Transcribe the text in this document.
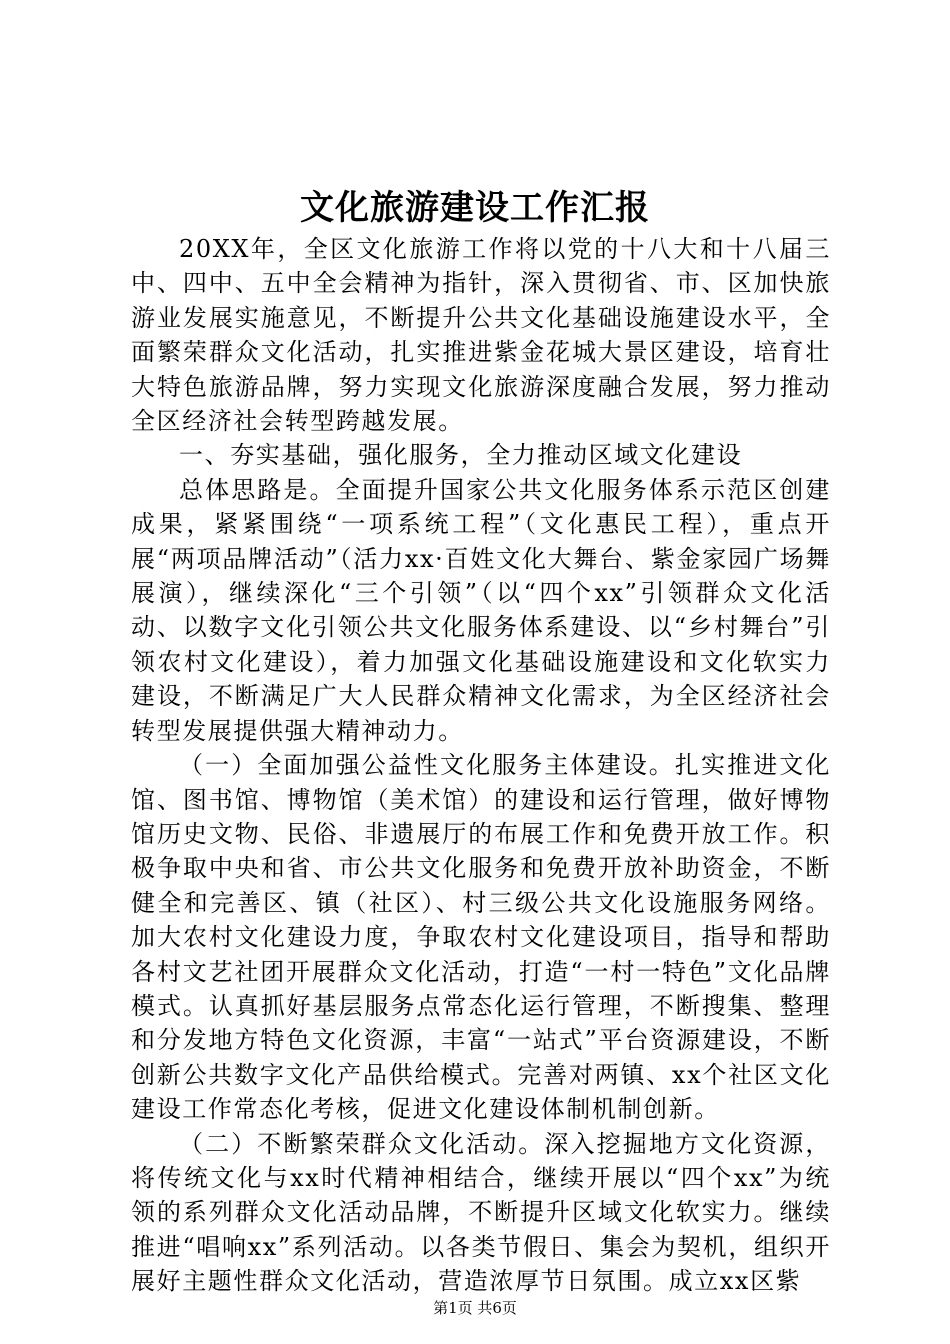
文化旅游建设工作汇报

20XX年，全区文化旅游工作将以党的十八大和十八届三中、四中、五中全会精神为指针，深入贯彻省、市、区加快旅游业发展实施意见，不断提升公共文化基础设施建设水平，全面繁荣群众文化活动，扎实推进紫金花城大景区建设，培育壮大特色旅游品牌，努力实现文化旅游深度融合发展，努力推动全区经济社会转型跨越发展。

一、夯实基础，强化服务，全力推动区域文化建设

总体思路是。全面提升国家公共文化服务体系示范区创建成果，紧紧围绕“一项系统工程”（文化惠民工程），重点开展“两项品牌活动”（活力xx·百姓文化大舞台、紫金家园广场舞展演），继续深化“三个引领”（以“四个xx”引领群众文化活动、以数字文化引领公共文化服务体系建设、以“乡村舞台”引领农村文化建设），着力加强文化基础设施建设和文化软实力建设，不断满足广大人民群众精神文化需求，为全区经济社会转型发展提供强大精神动力。

（一）全面加强公益性文化服务主体建设。扎实推进文化馆、图书馆、博物馆（美术馆）的建设和运行管理，做好博物馆历史文物、民俗、非遗展厅的布展工作和免费开放工作。积极争取中央和省、市公共文化服务和免费开放补助资金，不断健全和完善区、镇（社区）、村三级公共文化设施服务网络。加大农村文化建设力度，争取农村文化建设项目，指导和帮助各村文艺社团开展群众文化活动，打造“一村一特色”文化品牌模式。认真抓好基层服务点常态化运行管理，不断搜集、整理和分发地方特色文化资源，丰富“一站式”平台资源建设，不断创新公共数字文化产品供给模式。完善对两镇、xx个社区文化建设工作常态化考核，促进文化建设体制机制创新。

（二）不断繁荣群众文化活动。深入挖掘地方文化资源，将传统文化与xx时代精神相结合，继续开展以“四个xx”为统领的系列群众文化活动品牌，不断提升区域文化软实力。继续推进“唱响xx”系列活动。以各类节假日、集会为契机，组织开展好主题性群众文化活动，营造浓厚节日氛围。成立xx区紫

第1页 共6页
